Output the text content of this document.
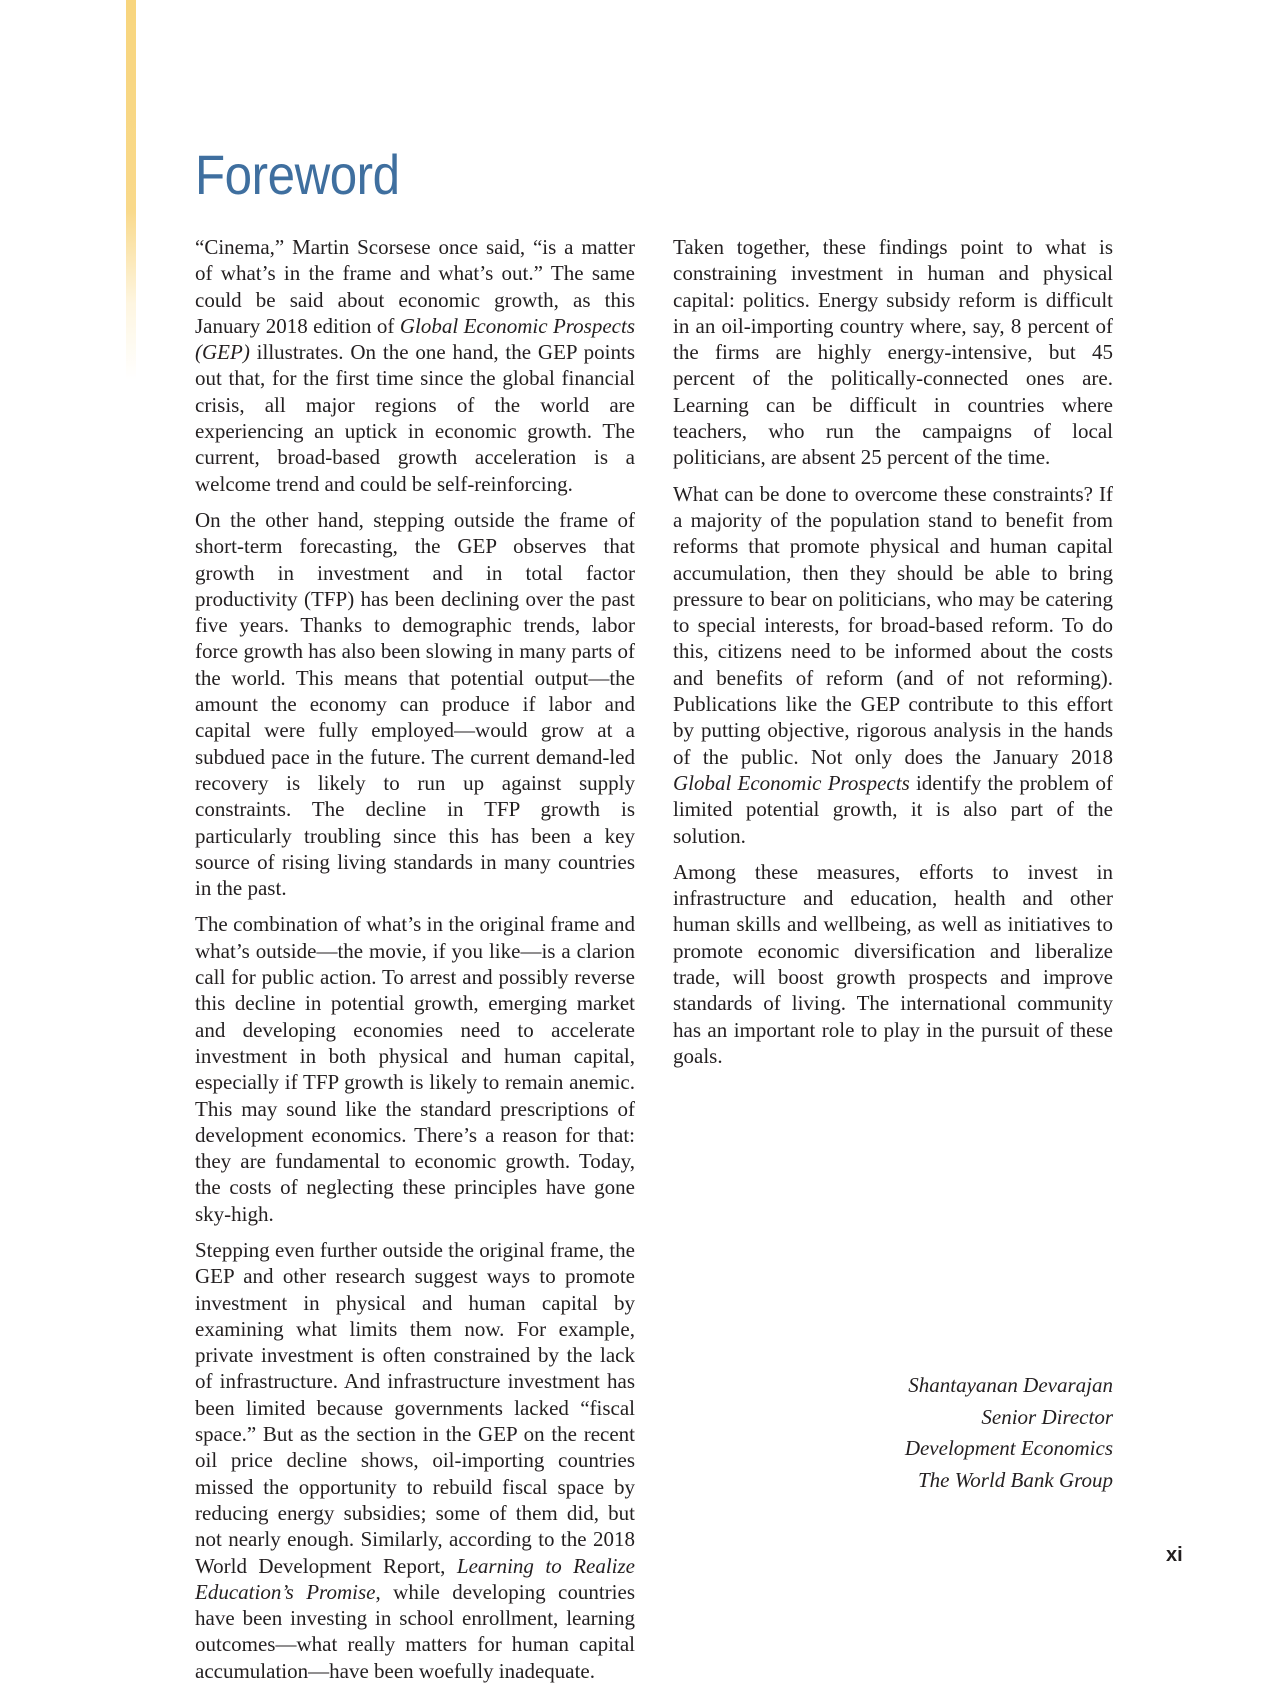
Foreword

“Cinema,” Martin Scorsese once said, “is a matter of what’s in the frame and what’s out.” The same could be said about economic growth, as this January 2018 edition of Global Economic Prospects (GEP) illustrates. On the one hand, the GEP points out that, for the first time since the global financial crisis, all major regions of the world are experiencing an uptick in economic growth. The current, broad-based growth acceleration is a welcome trend and could be self-reinforcing.

On the other hand, stepping outside the frame of short-term forecasting, the GEP observes that growth in investment and in total factor productivity (TFP) has been declining over the past five years. Thanks to demographic trends, labor force growth has also been slowing in many parts of the world. This means that potential output—the amount the economy can produce if labor and capital were fully employed—would grow at a subdued pace in the future. The current demand-led recovery is likely to run up against supply constraints. The decline in TFP growth is particularly troubling since this has been a key source of rising living standards in many countries in the past.

The combination of what’s in the original frame and what’s outside—the movie, if you like—is a clarion call for public action. To arrest and possibly reverse this decline in potential growth, emerging market and developing economies need to accelerate investment in both physical and human capital, especially if TFP growth is likely to remain anemic. This may sound like the standard prescriptions of development economics. There’s a reason for that: they are fundamental to economic growth. Today, the costs of neglecting these principles have gone sky-high.

Stepping even further outside the original frame, the GEP and other research suggest ways to promote investment in physical and human capital by examining what limits them now. For example, private investment is often constrained by the lack of infrastructure. And infrastructure investment has been limited because governments lacked “fiscal space.” But as the section in the GEP on the recent oil price decline shows, oil-importing countries missed the opportunity to rebuild fiscal space by reducing energy subsidies; some of them did, but not nearly enough. Similarly, according to the 2018 World Development Report, Learning to Realize Education’s Promise, while developing countries have been investing in school enrollment, learning outcomes—what really matters for human capital accumulation—have been woefully inadequate.

Taken together, these findings point to what is constraining investment in human and physical capital: politics. Energy subsidy reform is difficult in an oil-importing country where, say, 8 percent of the firms are highly energy-intensive, but 45 percent of the politically-connected ones are. Learning can be difficult in countries where teachers, who run the campaigns of local politicians, are absent 25 percent of the time.

What can be done to overcome these constraints? If a majority of the population stand to benefit from reforms that promote physical and human capital accumulation, then they should be able to bring pressure to bear on politicians, who may be catering to special interests, for broad-based reform. To do this, citizens need to be informed about the costs and benefits of reform (and of not reforming). Publications like the GEP contribute to this effort by putting objective, rigorous analysis in the hands of the public. Not only does the January 2018 Global Economic Prospects identify the problem of limited potential growth, it is also part of the solution.

Among these measures, efforts to invest in infrastructure and education, health and other human skills and wellbeing, as well as initiatives to promote economic diversification and liberalize trade, will boost growth prospects and improve standards of living. The international community has an important role to play in the pursuit of these goals.

Shantayanan Devarajan
Senior Director
Development Economics
The World Bank Group
xi
